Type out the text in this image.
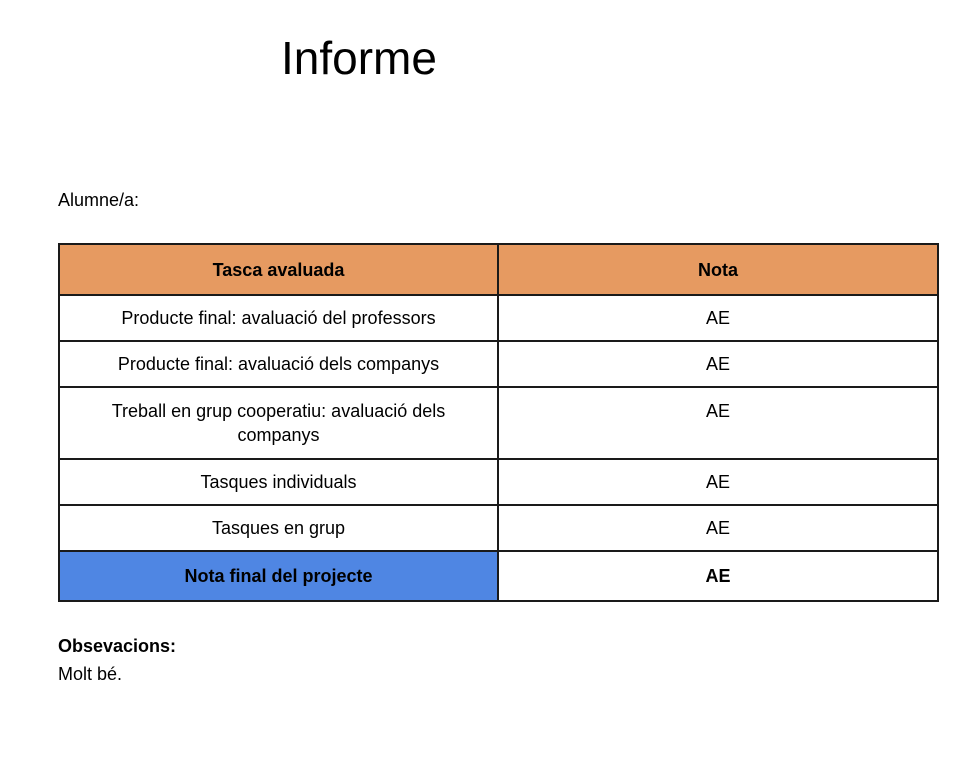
Informe
Alumne/a:
Tasca avaluada	Nota
Producte final: avaluació del professors	AE
Producte final: avaluació dels companys	AE
Treball en grup cooperatiu: avaluació dels companys	AE
Tasques individuals	AE
Tasques en grup	AE
Nota final del projecte	AE
Obsevacions:
Molt bé.
